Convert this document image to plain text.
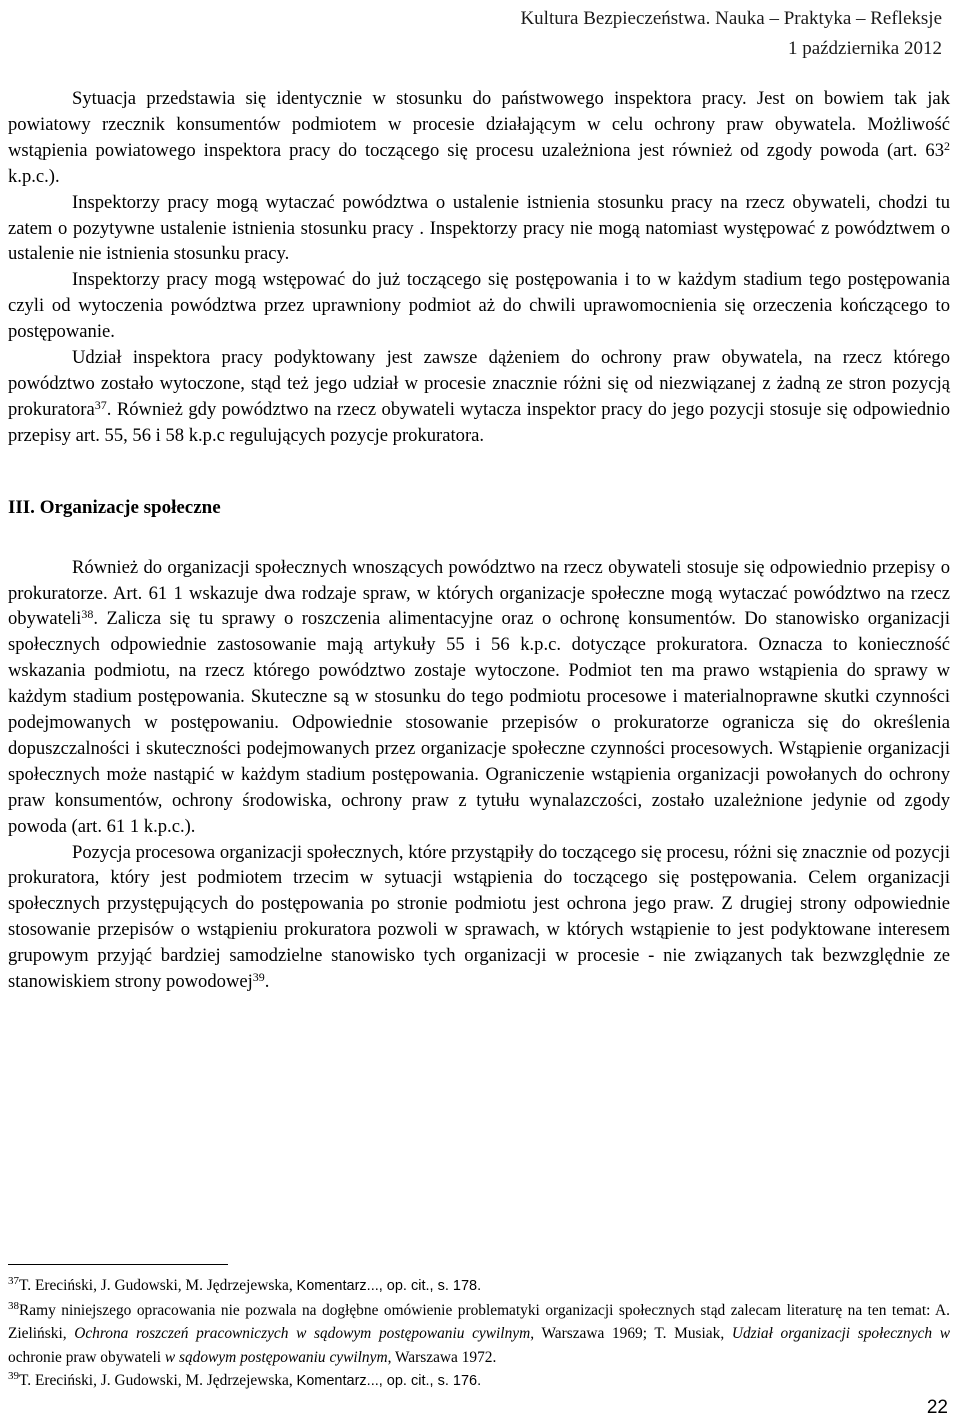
Kultura Bezpieczeństwa. Nauka – Praktyka – Refleksje
1 października 2012

Sytuacja przedstawia się identycznie w stosunku do państwowego inspektora pracy. Jest on bowiem tak jak powiatowy rzecznik konsumentów podmiotem w procesie działającym w celu ochrony praw obywatela. Możliwość wstąpienia powiatowego inspektora pracy do toczącego się procesu uzależniona jest również od zgody powoda (art. $63^2$ k.p.c.).

Inspektorzy pracy mogą wytaczać powództwa o ustalenie istnienia stosunku pracy na rzecz obywateli, chodzi tu zatem o pozytywne ustalenie istnienia stosunku pracy . Inspektorzy pracy nie mogą natomiast występować z powództwem o ustalenie nie istnienia stosunku pracy.

Inspektorzy pracy mogą wstępować do już toczącego się postępowania i to w każdym stadium tego postępowania czyli od wytoczenia powództwa przez uprawniony podmiot aż do chwili uprawomocnienia się orzeczenia kończącego to postępowanie.

Udział inspektora pracy podyktowany jest zawsze dążeniem do ochrony praw obywatela, na rzecz którego powództwo zostało wytoczone, stąd też jego udział w procesie znacznie różni się od niezwiązanej z żadną ze stron pozycją prokuratora$^{37}$. Również gdy powództwo na rzecz obywateli wytacza inspektor pracy do jego pozycji stosuje się odpowiednio przepisy art. 55, 56 i 58 k.p.c regulujących pozycje prokuratora.

III. Organizacje społeczne

Również do organizacji społecznych wnoszących powództwo na rzecz obywateli stosuje się odpowiednio przepisy o prokuratorze. Art. 61 1 wskazuje dwa rodzaje spraw, w których organizacje społeczne mogą wytaczać powództwo na rzecz obywateli$^{38}$. Zalicza się tu sprawy o roszczenia alimentacyjne oraz o ochronę konsumentów. Do stanowisko organizacji społecznych odpowiednie zastosowanie mają artykuły 55 i 56 k.p.c. dotyczące prokuratora. Oznacza to konieczność wskazania podmiotu, na rzecz którego powództwo zostaje wytoczone. Podmiot ten ma prawo wstąpienia do sprawy w każdym stadium postępowania. Skuteczne są w stosunku do tego podmiotu procesowe i materialnoprawne skutki czynności podejmowanych w postępowaniu. Odpowiednie stosowanie przepisów o prokuratorze ogranicza się do określenia dopuszczalności i skuteczności podejmowanych przez organizacje społeczne czynności procesowych. Wstąpienie organizacji społecznych może nastąpić w każdym stadium postępowania. Ograniczenie wstąpienia organizacji powołanych do ochrony praw konsumentów, ochrony środowiska, ochrony praw z tytułu wynalazczości, zostało uzależnione jedynie od zgody powoda (art. 61 1 k.p.c.).

Pozycja procesowa organizacji społecznych, które przystąpiły do toczącego się procesu, różni się znacznie od pozycji prokuratora, który jest podmiotem trzecim w sytuacji wstąpienia do toczącego się postępowania. Celem organizacji społecznych przystępujących do postępowania po stronie podmiotu jest ochrona jego praw. Z drugiej strony odpowiednie stosowanie przepisów o wstąpieniu prokuratora pozwoli w sprawach, w których wstąpienie to jest podyktowane interesem grupowym przyjąć bardziej samodzielne stanowisko tych organizacji w procesie - nie związanych tak bezwzględnie ze stanowiskiem strony powodowej$^{39}$.

$^{37}$T. Ereciński, J. Gudowski, M. Jędrzejewska, Komentarz..., op. cit., s. 178.

$^{38}$Ramy niniejszego opracowania nie pozwala na dogłębne omówienie problematyki organizacji społecznych stąd zalecam literaturę na ten temat: A. Zieliński, Ochrona roszczeń pracowniczych w sądowym postępowaniu cywilnym, Warszawa 1969; T. Musiak, Udział organizacji społecznych w ochronie praw obywateli w sądowym postępowaniu cywilnym, Warszawa 1972.

$^{39}$T. Ereciński, J. Gudowski, M. Jędrzejewska, Komentarz..., op. cit., s. 176.

22
